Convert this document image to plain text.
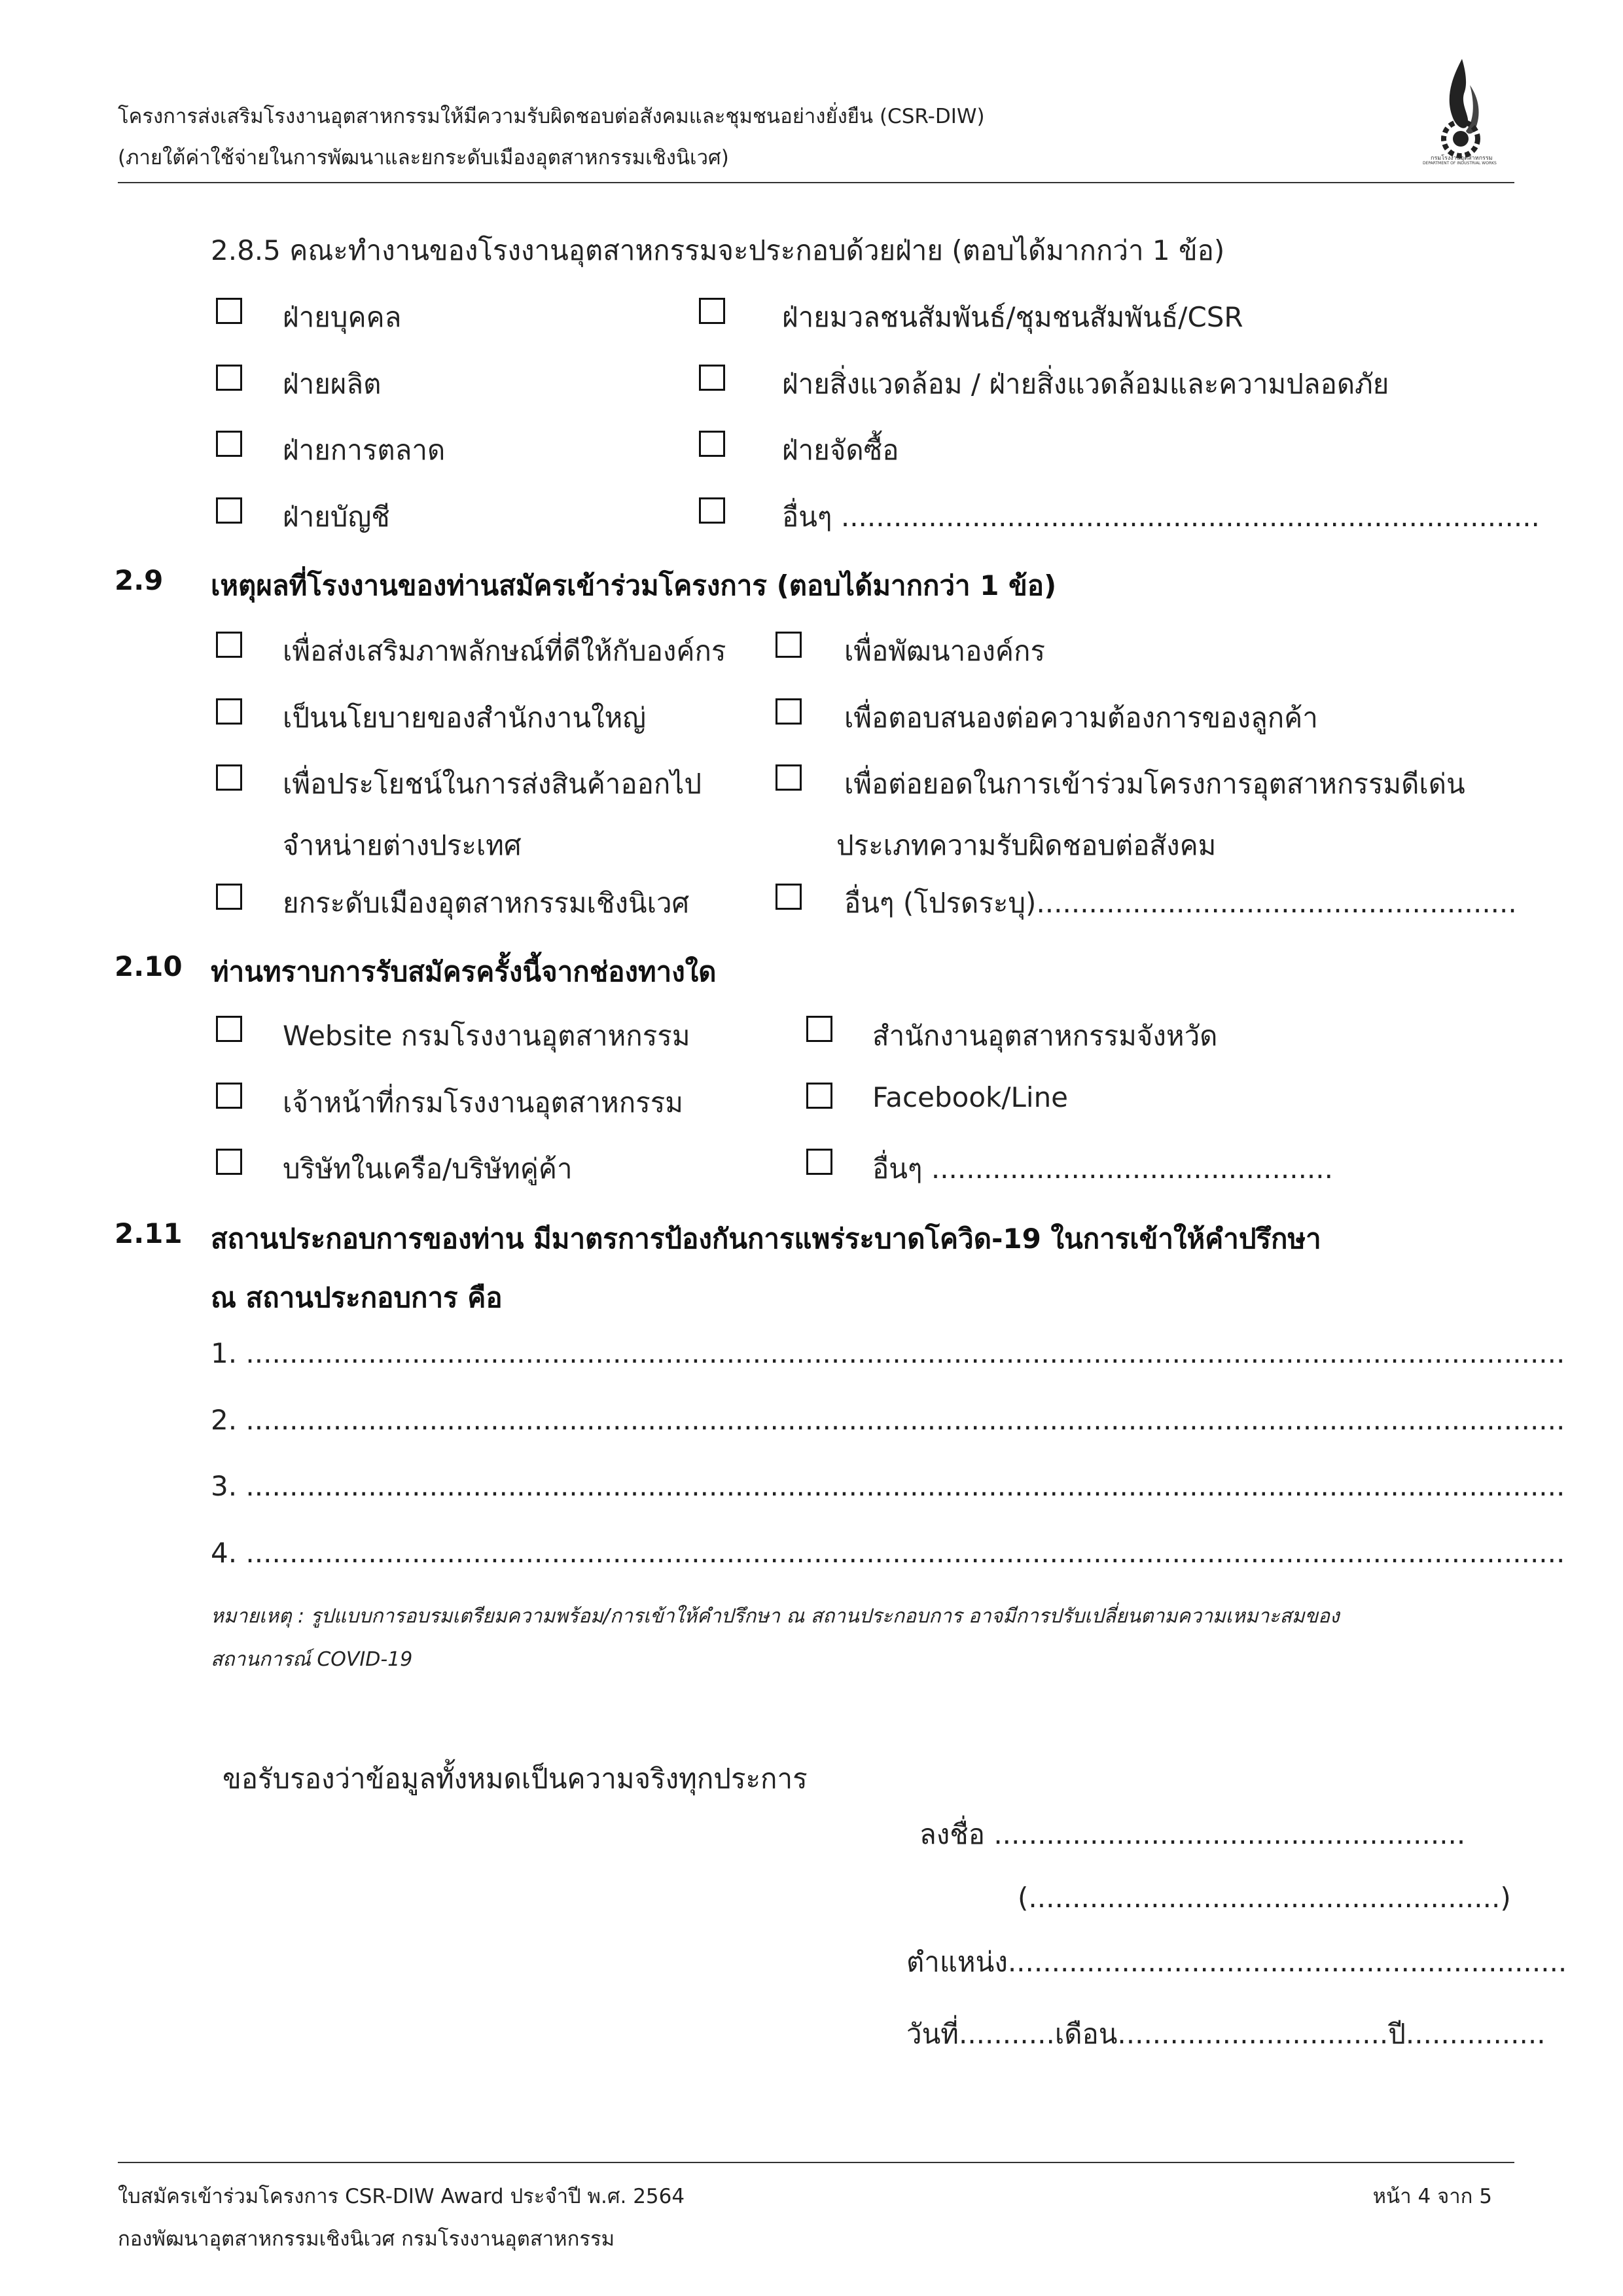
โครงการส่งเสริมโรงงานอุตสาหกรรมให้มีความรับผิดชอบต่อสังคมและชุมชนอย่างยั่งยืน (CSR-DIW)
(ภายใต้ค่าใช้จ่ายในการพัฒนาและยกระดับเมืองอุตสาหกรรมเชิงนิเวศ)	กรมโรงงานอุตสาหกรรม
DEPARTMENT OF INDUSTRIAL WORKS
2.8.5 คณะทำงานของโรงงานอุตสาหกรรมจะประกอบด้วยฝ่าย (ตอบได้มากกว่า 1 ข้อ)
ฝ่ายบุคคล	ฝ่ายมวลชนสัมพันธ์/ชุมชนสัมพันธ์/CSR
ฝ่ายผลิต	ฝ่ายสิ่งแวดล้อม / ฝ่ายสิ่งแวดล้อมและความปลอดภัย
ฝ่ายการตลาด	ฝ่ายจัดซื้อ
ฝ่ายบัญชี	อื่นๆ ................................................................................
2.9 เหตุผลที่โรงงานของท่านสมัครเข้าร่วมโครงการ (ตอบได้มากกว่า 1 ข้อ)
เพื่อส่งเสริมภาพลักษณ์ที่ดีให้กับองค์กร	เพื่อพัฒนาองค์กร
เป็นนโยบายของสำนักงานใหญ่	เพื่อตอบสนองต่อความต้องการของลูกค้า
เพื่อประโยชน์ในการส่งสินค้าออกไป	เพื่อต่อยอดในการเข้าร่วมโครงการอุตสาหกรรมดีเด่น
จำหน่ายต่างประเทศ	ประเภทความรับผิดชอบต่อสังคม
ยกระดับเมืองอุตสาหกรรมเชิงนิเวศ	อื่นๆ (โปรดระบุ).......................................................
2.10 ท่านทราบการรับสมัครครั้งนี้จากช่องทางใด
Website กรมโรงงานอุตสาหกรรม	สำนักงานอุตสาหกรรมจังหวัด
เจ้าหน้าที่กรมโรงงานอุตสาหกรรม	Facebook/Line
บริษัทในเครือ/บริษัทคู่ค้า	อื่นๆ ..............................................
2.11 สถานประกอบการของท่าน มีมาตรการป้องกันการแพร่ระบาดโควิด-19 ในการเข้าให้คำปรึกษา
ณ สถานประกอบการ คือ
1. .......................................................................................................................................................
2. .......................................................................................................................................................
3. .......................................................................................................................................................
4. .......................................................................................................................................................
หมายเหตุ : รูปแบบการอบรมเตรียมความพร้อม/การเข้าให้คำปรึกษา ณ สถานประกอบการ อาจมีการปรับเปลี่ยนตามความเหมาะสมของ
สถานการณ์ COVID-19
ขอรับรองว่าข้อมูลทั้งหมดเป็นความจริงทุกประการ
ลงชื่อ ......................................................
(......................................................)
ตำแหน่ง................................................................
วันที่...........เดือน...............................ปี................
ใบสมัครเข้าร่วมโครงการ CSR-DIW Award ประจำปี พ.ศ. 2564
กองพัฒนาอุตสาหกรรมเชิงนิเวศ กรมโรงงานอุตสาหกรรม
หน้า 4 จาก 5
